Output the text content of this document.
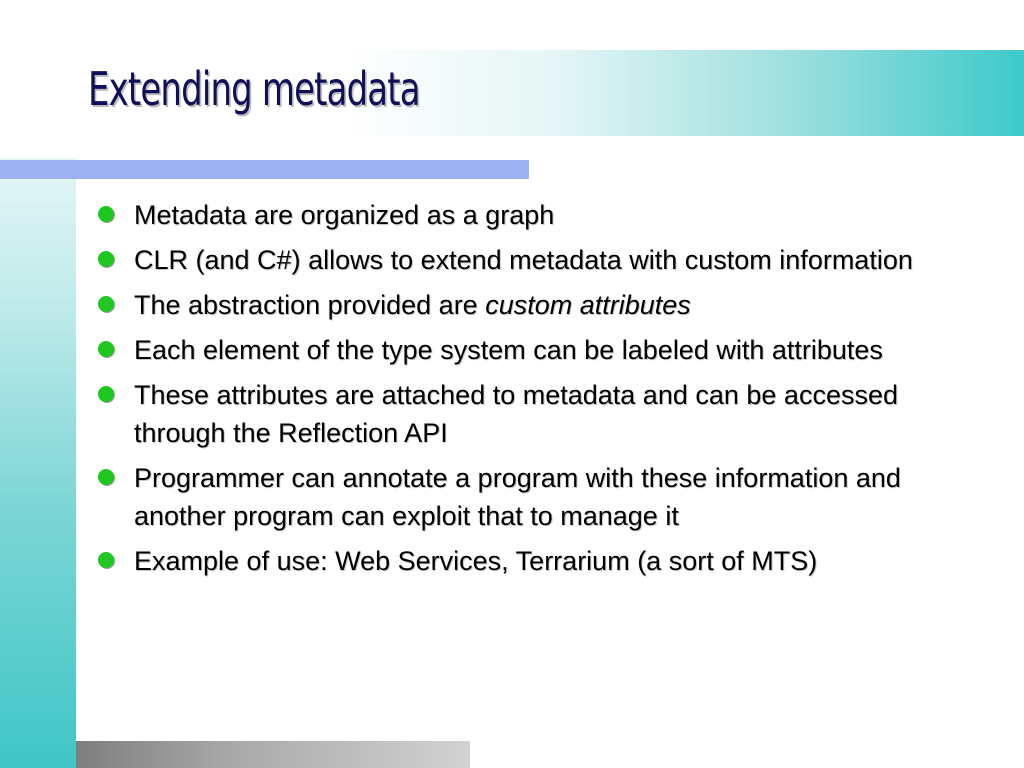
Extending metadata
Metadata are organized as a graph
CLR (and C#) allows to extend metadata with custom information
The abstraction provided are custom attributes
Each element of the type system can be labeled with attributes
These attributes are attached to metadata and can be accessed through the Reflection API
Programmer can annotate a program with these information and another program can exploit that to manage it
Example of use: Web Services, Terrarium (a sort of MTS)
